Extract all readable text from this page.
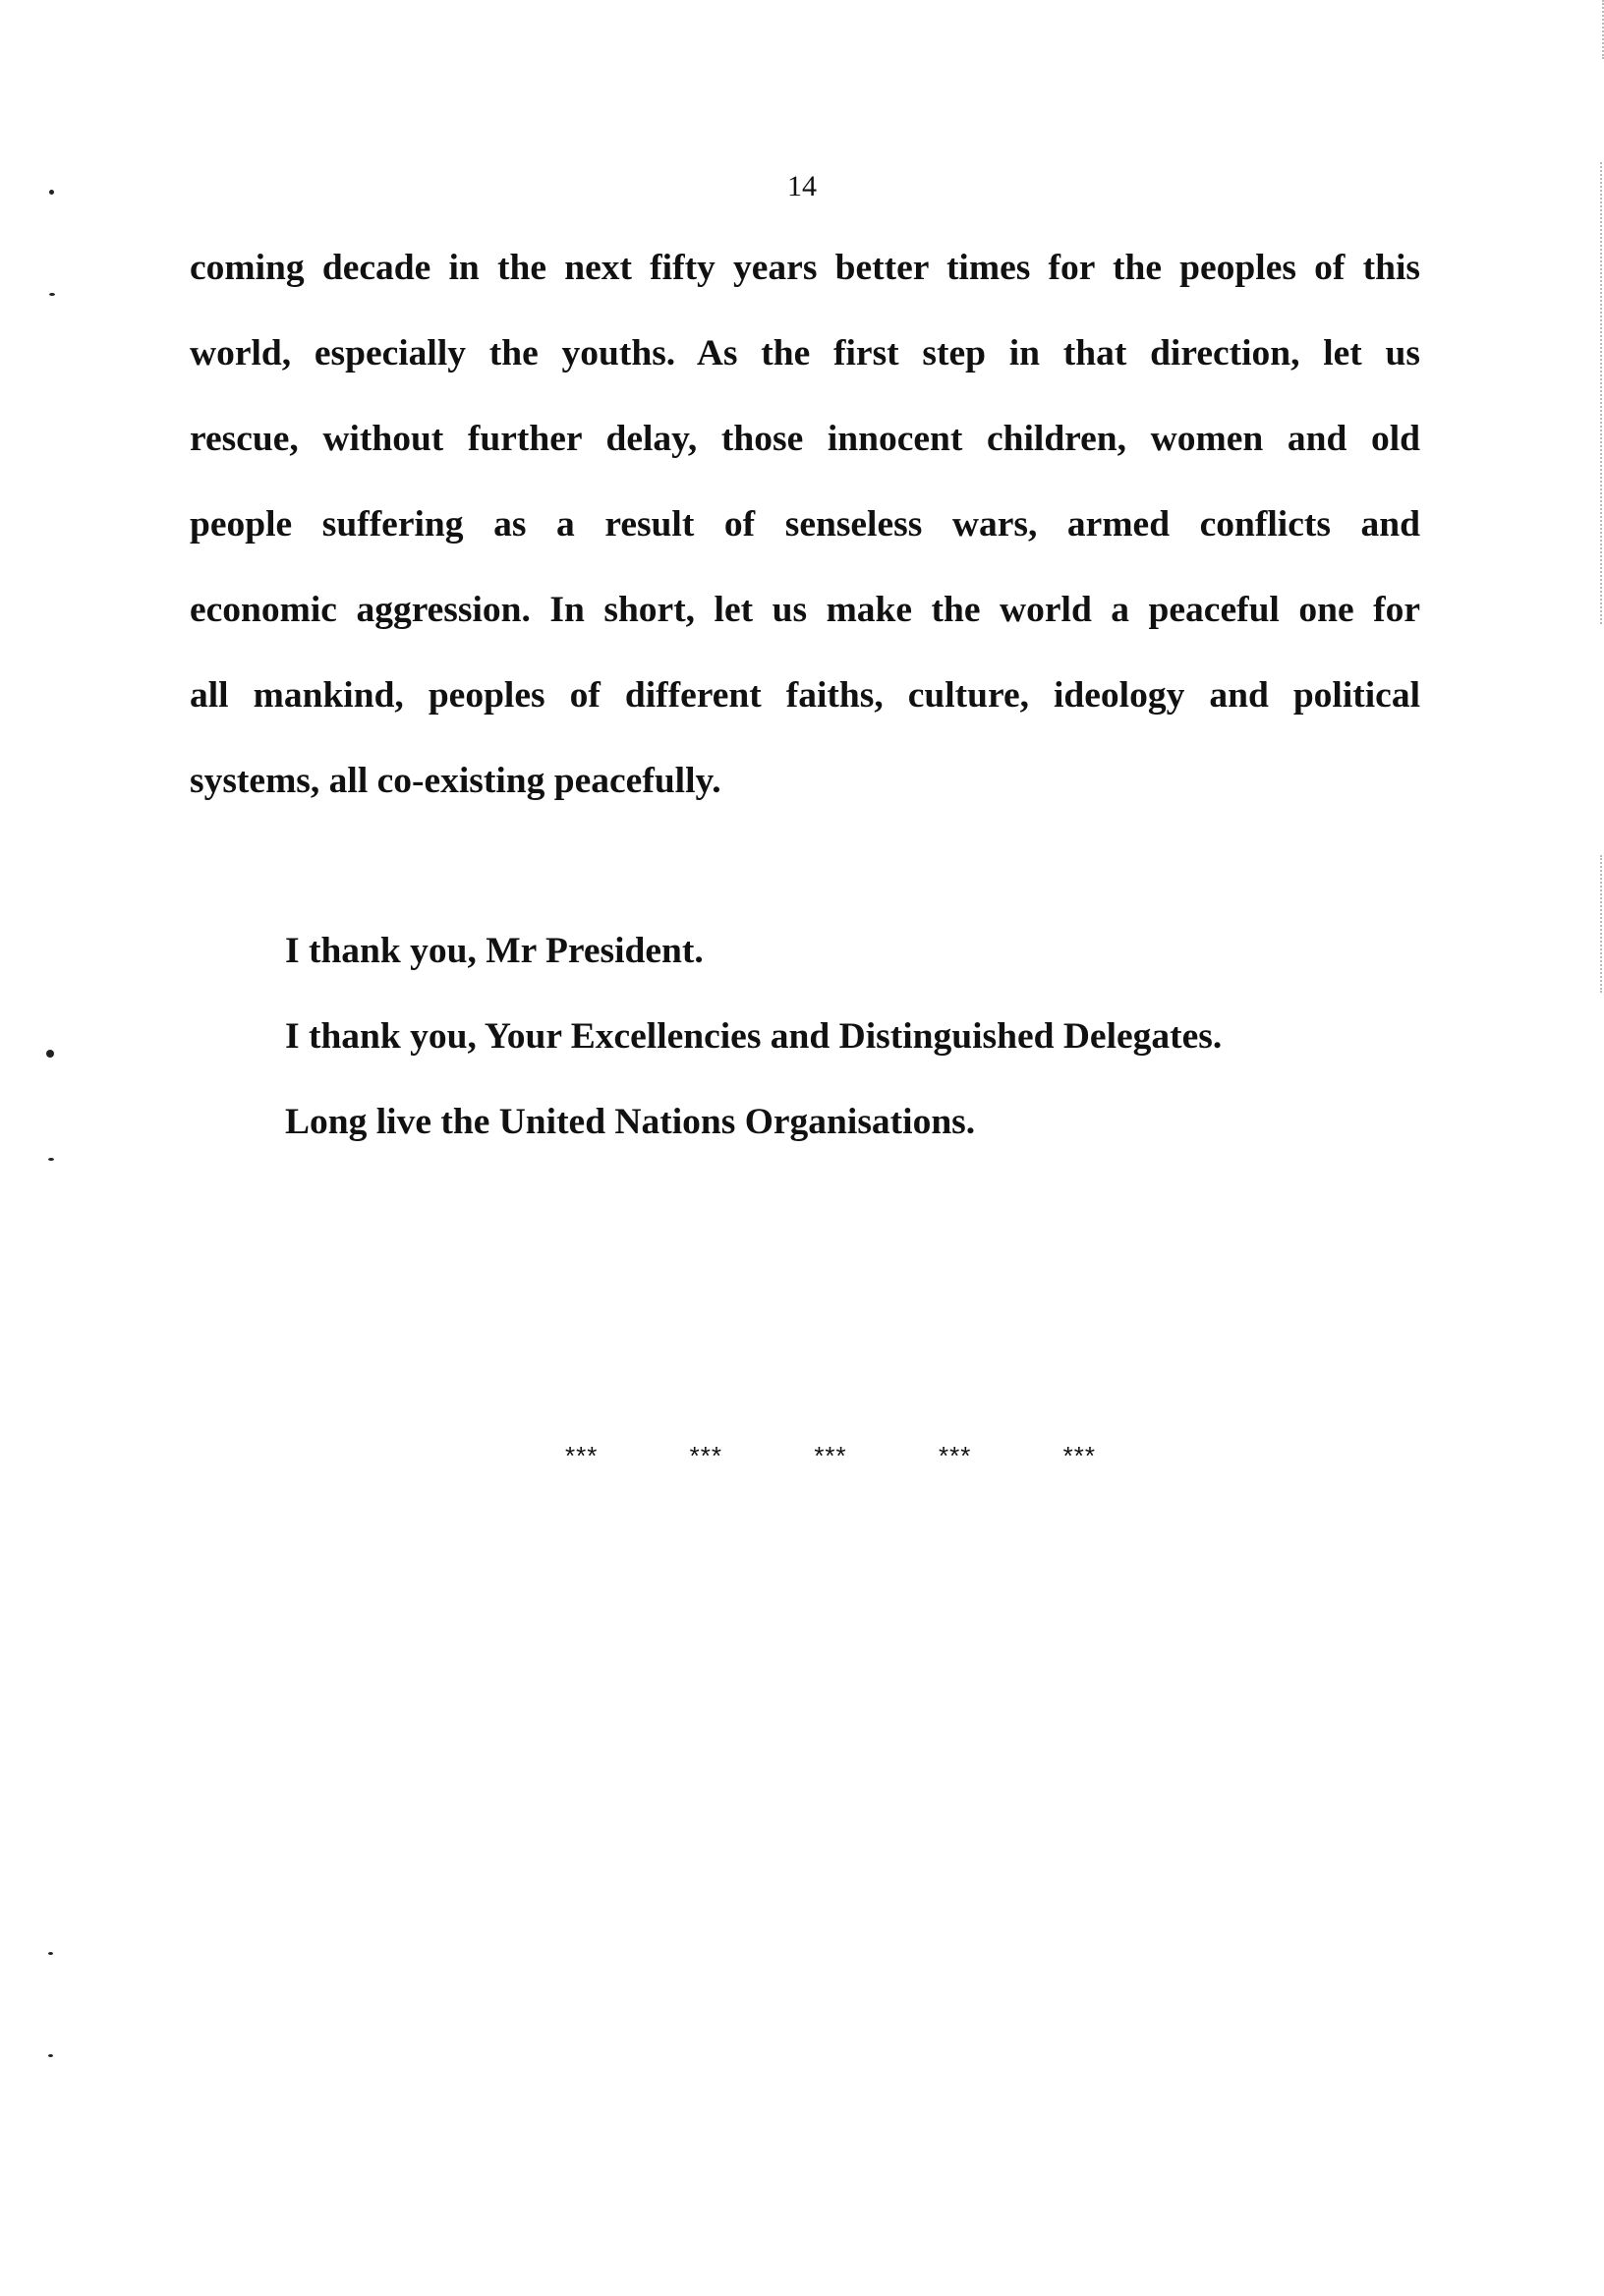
14
coming decade in the next fifty years better times for the peoples of this
world, especially the youths. As the first step in that direction, let us
rescue, without further delay, those innocent children, women and old
people suffering as a result of senseless wars, armed conflicts and
economic aggression. In short, let us make the world a peaceful one for
all mankind, peoples of different faiths, culture, ideology and political
systems, all co-existing peacefully.
I thank you, Mr President.
I thank you, Your Excellencies and Distinguished Delegates.
Long live the United Nations Organisations.
***	***	***	***	***
